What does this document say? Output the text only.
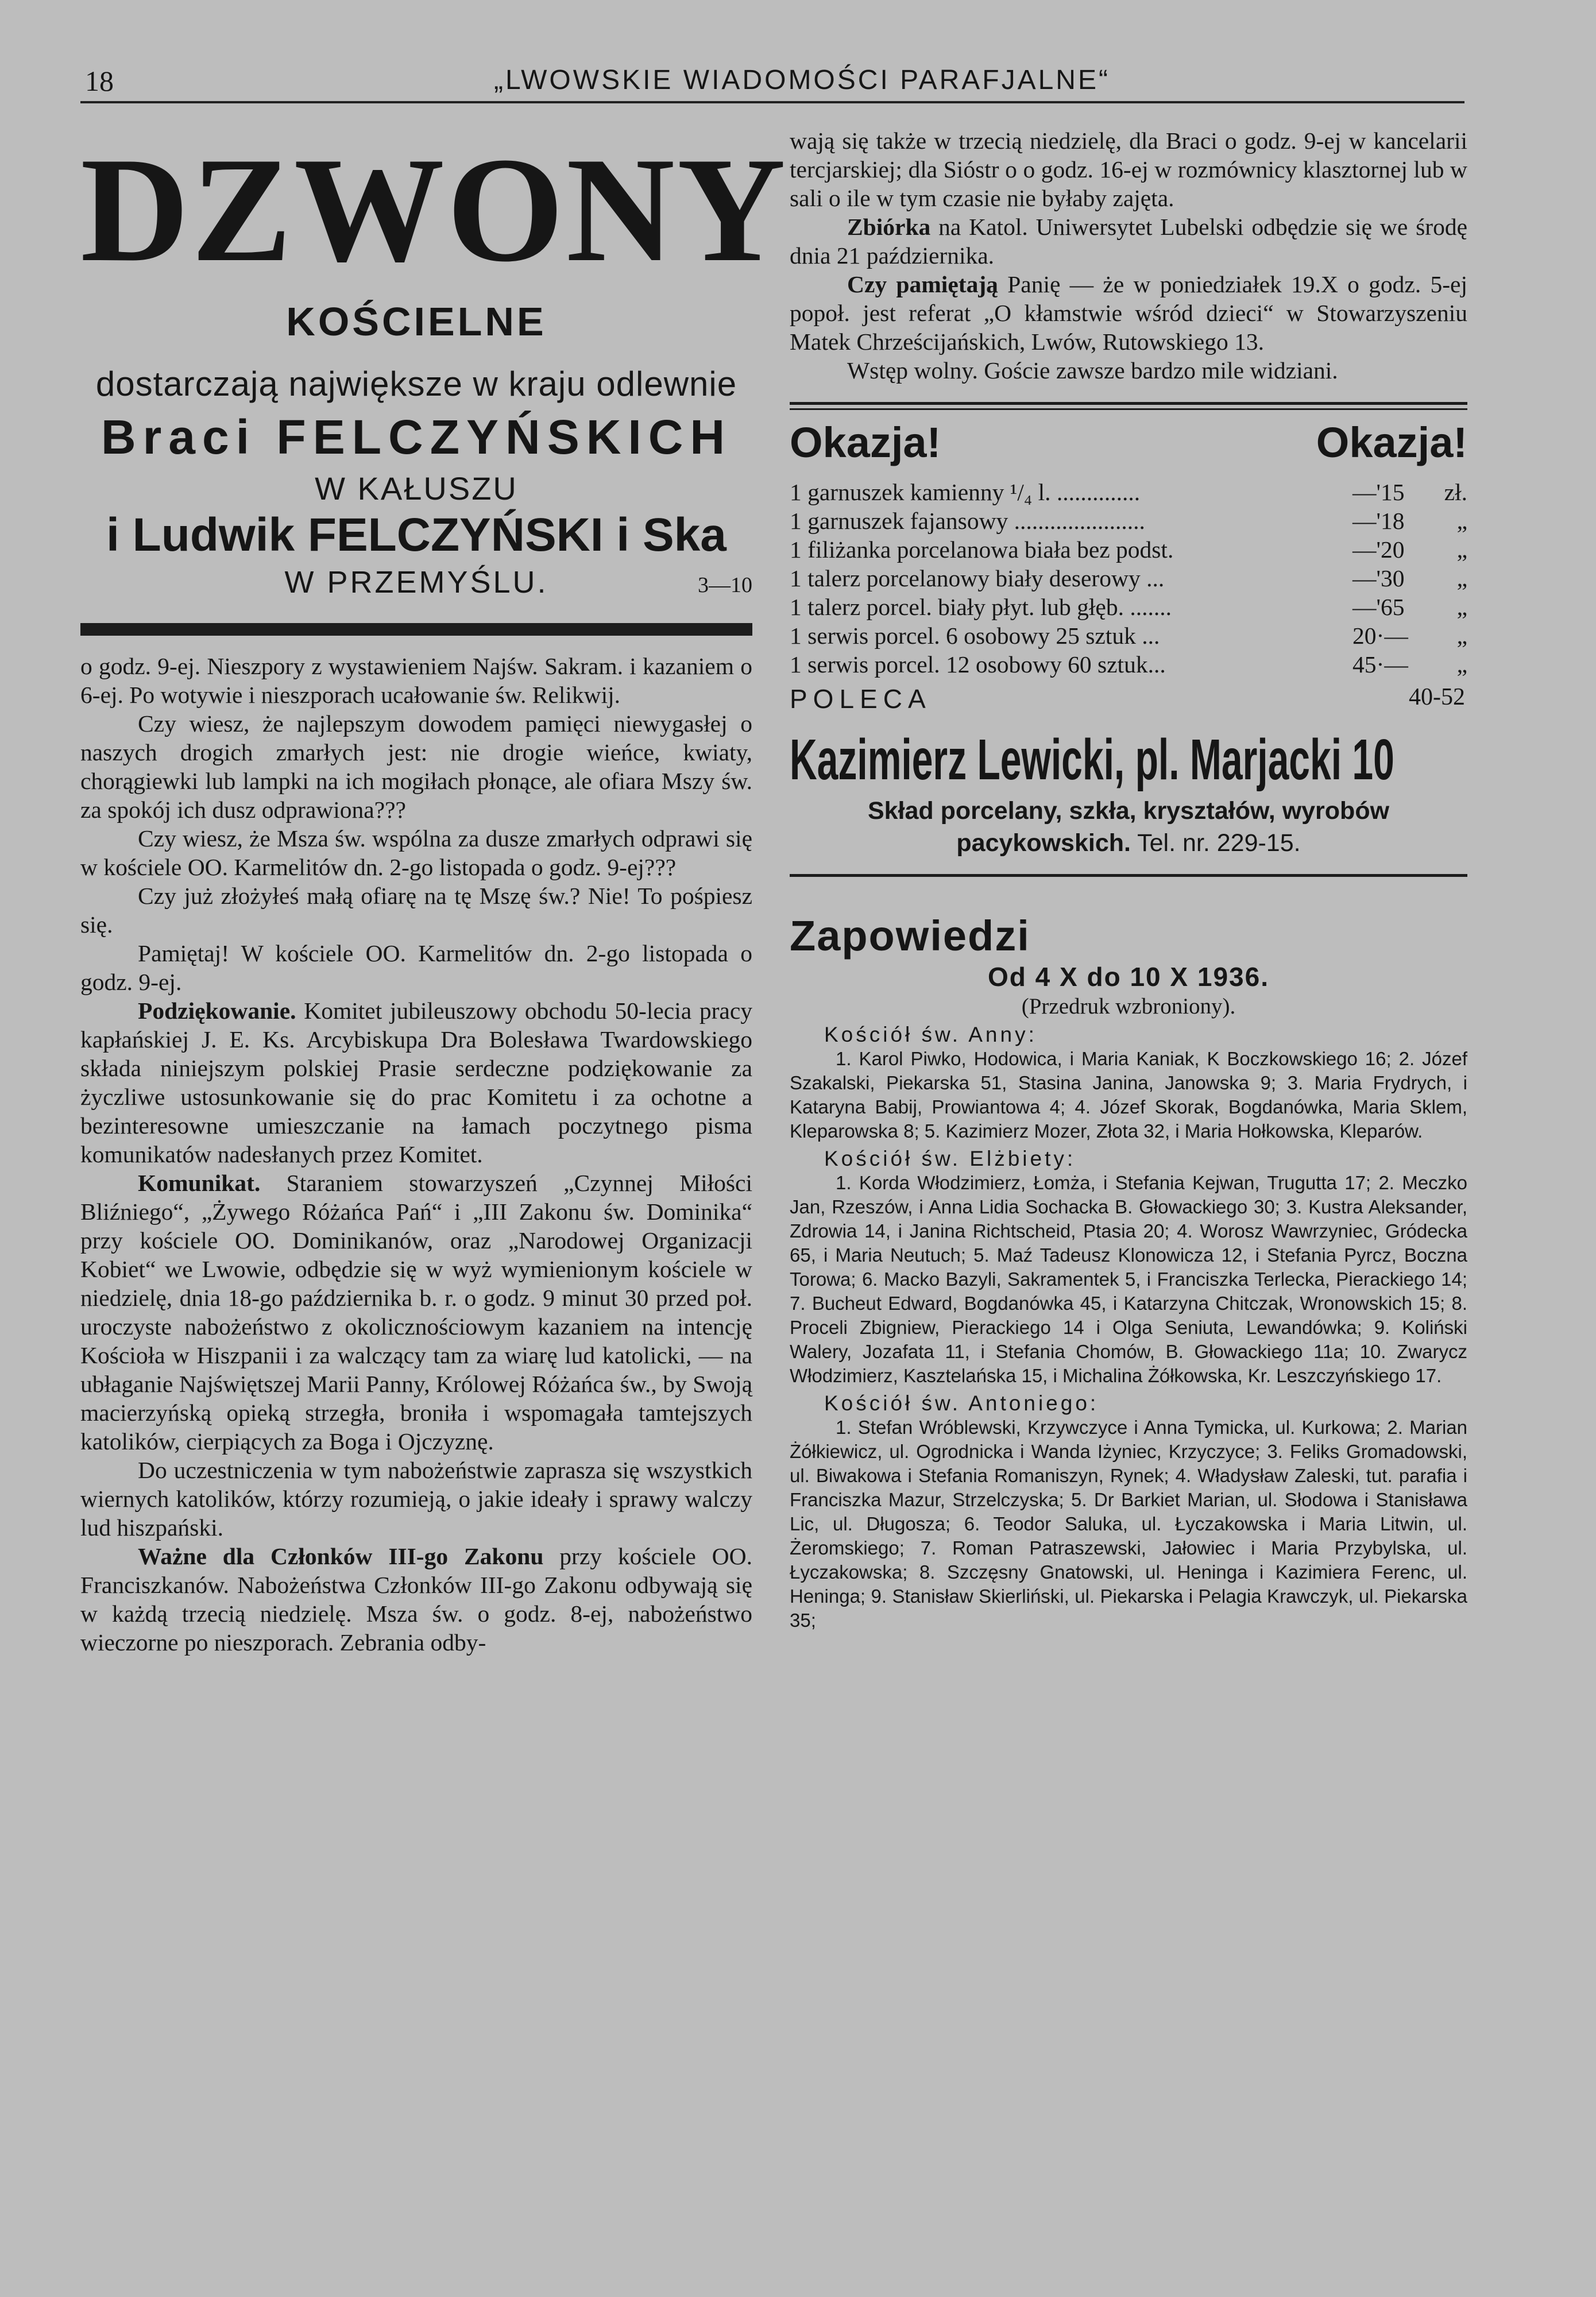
18	„LWOWSKIE WIADOMOŚCI PARAFJALNE“
DZWONY
KOŚCIELNE
dostarczają największe w kraju odlewnie
Braci FELCZYŃSKICH
W KAŁUSZU
i Ludwik FELCZYŃSKI i Ska
W PRZEMYŚLU.	3—10

o godz. 9-ej. Nieszpory z wystawieniem Najśw. Sakram. i kazaniem o 6-ej. Po wotywie i nieszporach ucałowanie św. Relikwij.

Czy wiesz, że najlepszym dowodem pamięci niewygasłej o naszych drogich zmarłych jest: nie drogie wieńce, kwiaty, chorągiewki lub lampki na ich mogiłach płonące, ale ofiara Mszy św. za spokój ich dusz odprawiona???

Czy wiesz, że Msza św. wspólna za dusze zmarłych odprawi się w kościele OO. Karmelitów dn. 2-go listopada o godz. 9-ej???

Czy już złożyłeś małą ofiarę na tę Mszę św.? Nie! To pośpiesz się.

Pamiętaj! W kościele OO. Karmelitów dn. 2-go listopada o godz. 9-ej.

Podziękowanie. Komitet jubileuszowy obchodu 50-lecia pracy kapłańskiej J. E. Ks. Arcybiskupa Dra Bolesława Twardowskiego składa niniejszym polskiej Prasie serdeczne podziękowanie za życzliwe ustosunkowanie się do prac Komitetu i za ochotne a bezinteresowne umieszczanie na łamach poczytnego pisma komunikatów nadesłanych przez Komitet.

Komunikat. Staraniem stowarzyszeń „Czynnej Miłości Bliźniego“, „Żywego Różańca Pań“ i „III Zakonu św. Dominika“ przy kościele OO. Dominikanów, oraz „Narodowej Organizacji Kobiet“ we Lwowie, odbędzie się w wyż wymienionym kościele w niedzielę, dnia 18-go października b. r. o godz. 9 minut 30 przed poł. uroczyste nabożeństwo z okolicznościowym kazaniem na intencję Kościoła w Hiszpanii i za walczący tam za wiarę lud katolicki, — na ubłaganie Najświętszej Marii Panny, Królowej Różańca św., by Swoją macierzyńską opieką strzegła, broniła i wspomagała tamtejszych katolików, cierpiących za Boga i Ojczyznę.

Do uczestniczenia w tym nabożeństwie zaprasza się wszystkich wiernych katolików, którzy rozumieją, o jakie ideały i sprawy walczy lud hiszpański.

Ważne dla Członków III-go Zakonu przy kościele OO. Franciszkanów. Nabożeństwa Członków III-go Zakonu odbywają się w każdą trzecią niedzielę. Msza św. o godz. 8-ej, nabożeństwo wieczorne po nieszporach. Zebrania odby-

wają się także w trzecią niedzielę, dla Braci o godz. 9-ej w kancelarii tercjarskiej; dla Sióstr o o godz. 16-ej w rozmównicy klasztornej lub w sali o ile w tym czasie nie byłaby zajęta.

Zbiórka na Katol. Uniwersytet Lubelski odbędzie się we środę dnia 21 października.

Czy pamiętają Panię — że w poniedziałek 19.X o godz. 5-ej popoł. jest referat „O kłamstwie wśród dzieci“ w Stowarzyszeniu Matek Chrześcijańskich, Lwów, Rutowskiego 13.

Wstęp wolny. Goście zawsze bardzo mile widziani.

Okazja!	Okazja!
1 garnuszek kamienny ¹/₄ l. ..............	—'15 zł.
1 garnuszek fajansowy ......................	—'18 „
1 filiżanka porcelanowa biała bez podst.	—'20 „
1 talerz porcelanowy biały deserowy ...	—'30 „
1 talerz porcel. biały płyt. lub głęb. .......	—'65 „
1 serwis porcel. 6 osobowy 25 sztuk ...	20·— „
1 serwis porcel. 12 osobowy 60 sztuk...	45·— „
POLECA	40-52
Kazimierz Lewicki, pl. Marjacki 10
Skład porcelany, szkła, kryształów, wyrobów pacykowskich. Tel. nr. 229-15.
Zapowiedzi
Od 4 X do 10 X 1936.
(Przedruk wzbroniony).
Kościół św. Anny:

1. Karol Piwko, Hodowica, i Maria Kaniak, K Boczkowskiego 16; 2. Józef Szakalski, Piekarska 51, Stasina Janina, Janowska 9; 3. Maria Frydrych, i Kataryna Babij, Prowiantowa 4; 4. Józef Skorak, Bogdanówka, Maria Sklem, Kleparowska 8; 5. Kazimierz Mozer, Złota 32, i Maria Hołkowska, Kleparów.

Kościół św. Elżbiety:

1. Korda Włodzimierz, Łomża, i Stefania Kejwan, Trugutta 17; 2. Meczko Jan, Rzeszów, i Anna Lidia Sochacka B. Głowackiego 30; 3. Kustra Aleksander, Zdrowia 14, i Janina Richtscheid, Ptasia 20; 4. Worosz Wawrzyniec, Gródecka 65, i Maria Neutuch; 5. Maź Tadeusz Klonowicza 12, i Stefania Pyrcz, Boczna Torowa; 6. Macko Bazyli, Sakramentek 5, i Franciszka Terlecka, Pierackiego 14; 7. Bucheut Edward, Bogdanówka 45, i Katarzyna Chitczak, Wronowskich 15; 8. Proceli Zbigniew, Pierackiego 14 i Olga Seniuta, Lewandówka; 9. Koliński Walery, Jozafata 11, i Stefania Chomów, B. Głowackiego 11a; 10. Zwarycz Włodzimierz, Kasztelańska 15, i Michalina Żółkowska, Kr. Leszczyńskiego 17.

Kościół św. Antoniego:

1. Stefan Wróblewski, Krzywczyce i Anna Tymicka, ul. Kurkowa; 2. Marian Żółkiewicz, ul. Ogrodnicka i Wanda Iżyniec, Krzyczyce; 3. Feliks Gromadowski, ul. Biwakowa i Stefania Romaniszyn, Rynek; 4. Władysław Zaleski, tut. parafia i Franciszka Mazur, Strzelczyska; 5. Dr Barkiet Marian, ul. Słodowa i Stanisława Lic, ul. Długosza; 6. Teodor Saluka, ul. Łyczakowska i Maria Litwin, ul. Żeromskiego; 7. Roman Patraszewski, Jałowiec i Maria Przybylska, ul. Łyczakowska; 8. Szczęsny Gnatowski, ul. Heninga i Kazimiera Ferenc, ul. Heninga; 9. Stanisław Skierliński, ul. Piekarska i Pelagia Krawczyk, ul. Piekarska 35;
